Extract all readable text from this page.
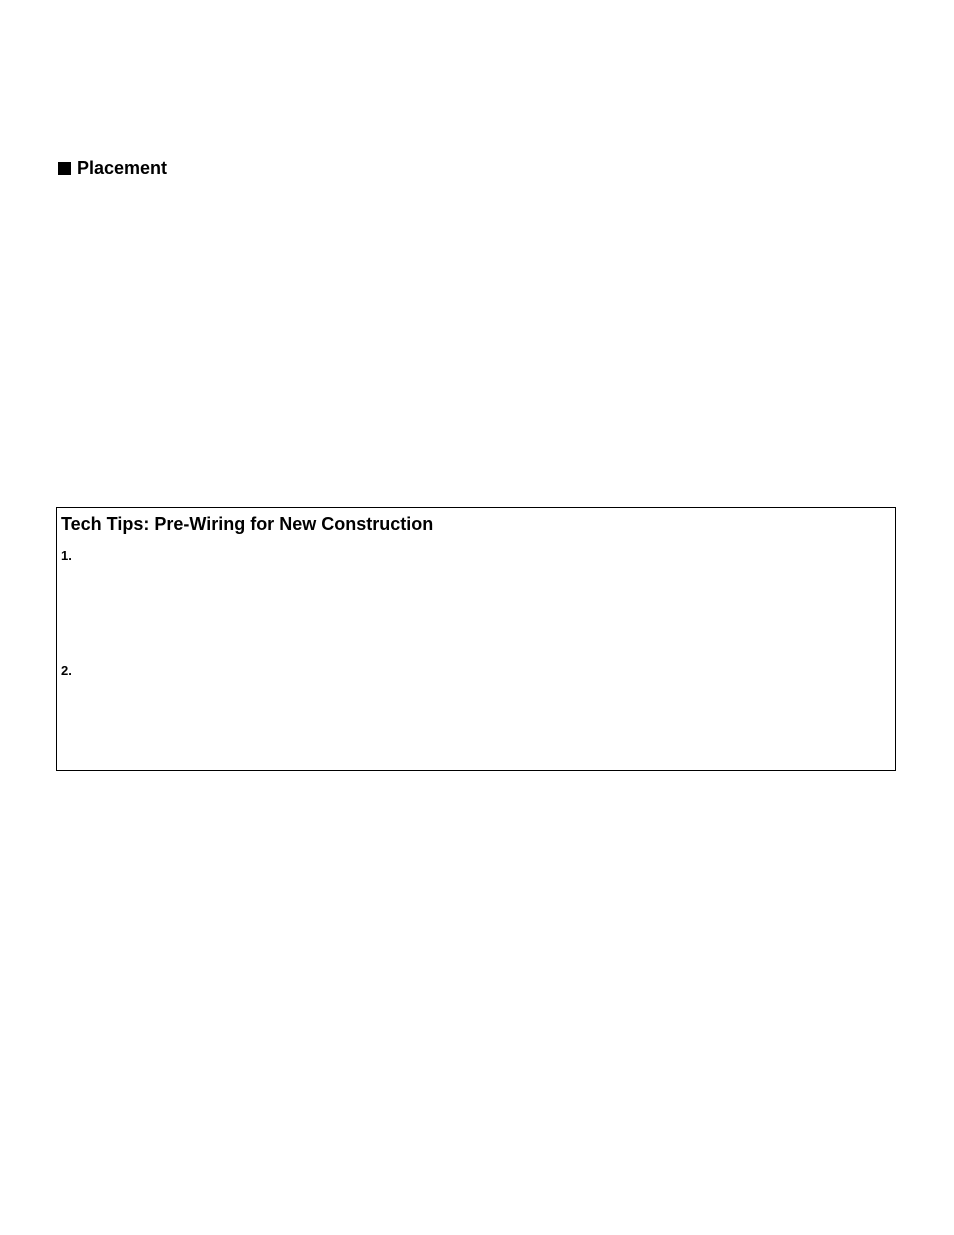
Placement
Tech Tips: Pre-Wiring for New Construction
1.
2.
